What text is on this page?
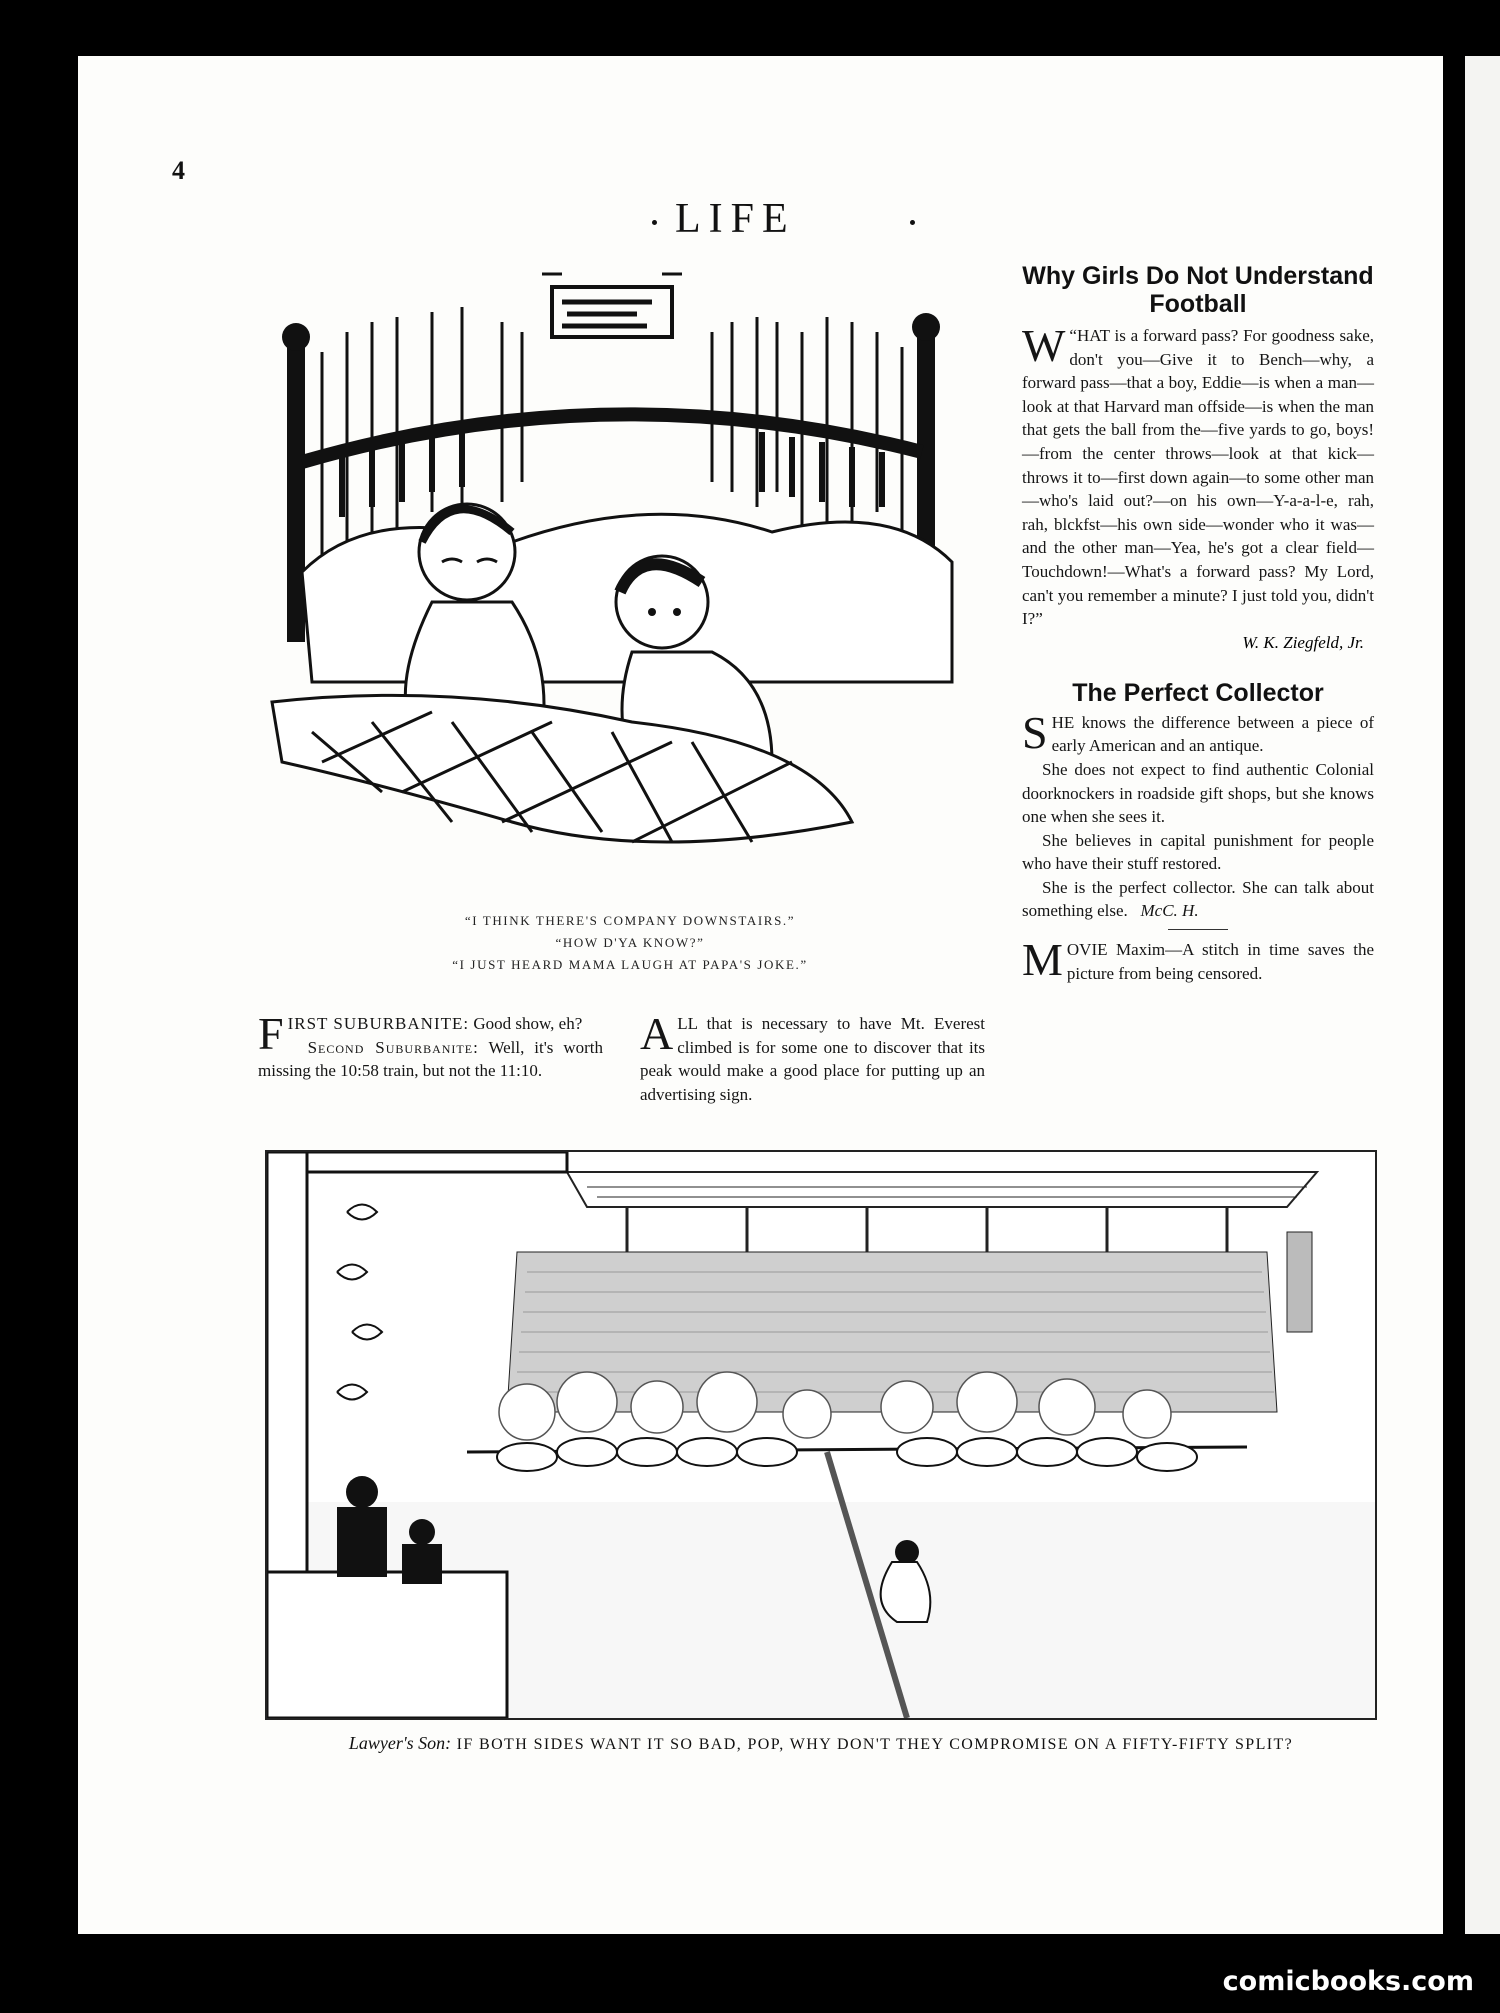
4
LIFE
“I THINK THERE'S COMPANY DOWNSTAIRS.”
“HOW D'YA KNOW?”
“I JUST HEARD MAMA LAUGH AT PAPA'S JOKE.”
Why Girls Do Not Understand Football

“
W HAT is a forward pass? For goodness sake, don't you—Give it to Bench—why, a forward pass—that a boy, Eddie—is when a man—look at that Harvard man offside—is when the man that gets the ball from the—five yards to go, boys!—from the center throws—look at that kick—throws it to—first down again—to some other man—who's laid out?—on his own—Y-a-a-l-e, rah, rah, blckfst—his own side—wonder who it was—and the other man—Yea, he's got a clear field—Touchdown!—What's a forward pass? My Lord, can't you remember a minute? I just told you, didn't I?”

W. K. Ziegfeld, Jr.
The Perfect Collector

SHE knows the difference between a piece of early American and an antique.

She does not expect to find authentic Colonial doorknockers in roadside gift shops, but she knows one when she sees it.

She believes in capital punishment for people who have their stuff restored.

She is the perfect collector. She can talk about something else. McC. H.

MOVIE Maxim—A stitch in time saves the picture from being censored.

FIRST SUBURBANITE: Good show, eh?

Second Suburbanite: Well, it's worth missing the 10:58 train, but not the 11:10.

ALL that is necessary to have Mt. Everest climbed is for some one to discover that its peak would make a good place for putting up an advertising sign.

Lawyer's Son: IF BOTH SIDES WANT IT SO BAD, POP, WHY DON'T THEY COMPROMISE ON A FIFTY-FIFTY SPLIT?
comicbooks.com
